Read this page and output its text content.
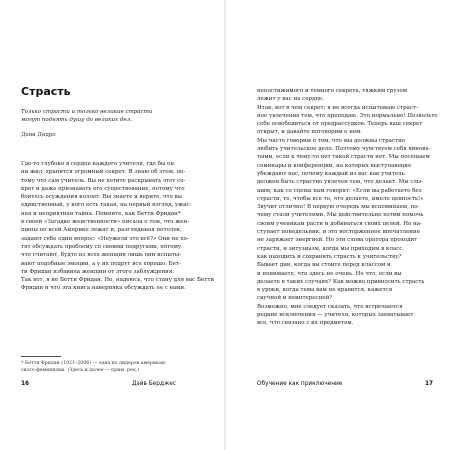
Страсть

Только страсти и только великие страсти
могут поднять душу до великих дел.

Дени Дидро

Где-то глубоко в сердце каждого учителя, где бы он
ни жил, хранится огромный секрет. Я знаю об этом, по-
тому что сам учитель. Вы не хотите раскрывать этот се-
крет и даже признавать его существование, потому что
боитесь осуждения коллег. Вы знаете и верите, что вы
единственный, у кого есть такая, на первый взгляд, ужас-
ная и неприятная тайна. Помните, как Бетти Фридан*
в своей «Загадке женственности» писала о том, что жен-
щины по всей Америке лежат и, разглядывая потолок,
задают себе один вопрос: «Неужели это всё?» Они не хо-
тят обсуждать проблему со своими подругами, потому
что считают, будто из всех женщин лишь они испыты-
вают подобные эмоции, а у их подруг все хорошо. Бет-
ти Фридан избавила женщин от этого заблуждения.
Так вот, я не Бетти Фридан. Но, надеюсь, что стану для вас Бетти
Фридан и что эта книга наверняка обсуждать ее с вами.
* Бетти Фридан (1921–2006) — одна из лидеров американ-
ского феминизма. (Здесь и далее — прим. ред.)
16	Дэйв Берджес
непостижимого и темного секрета, тяжким грузом
лежит у вас на сердце.
Итак, вот в чем секрет: я не всегда испытываю страст-
ное увлечение тем, что преподаю. Это нормально! Позвольте
себе освободиться от предрассудков. Теперь ваш секрет
открыт, и давайте поговорим о нем.
Мы часто говорим о том, что мы должны страстно
любить учительское дело. Поэтому чувствуем себя винова-
тыми, если к чему-то нет такой страсти нет. Мы посещаем
семинары и конференции, на которых выступающие
убеждают нас, почему каждый из вас как учитель
должен быть страстно увлечен тем, что делает. Мы слы-
шим, как со сцены нам говорят: «Если вы работаете без
страсти, то, чтобы все то, что делаете, имело ценность!»
Звучит отлично! В первую очередь мы вспоминаем, по-
чему стали учителями. Мы действительно хотим помочь
своим ученикам расти и добиваться своих целей. Но на-
ступает понедельник, и это восторженное впечатление
не заряжает энергией. Но эти слова оратора проходит
страсти, и энтузиазм, когда мы приходим в класс,
как находить и сохранять страсть к учительству?
Бывает дни, когда вы стоите перед классом и
и понимаете, что здесь не очень. Но что, если вы
делаете в таких случаях? Как можно привносить страсть
в уроки, когда тема вам не нравится, кажется
скучной и неинтересной?
Возможно, мне следует сказать, что встречаются
редкие исключения — учителя, которых захватывает
все, что связано с их предметом.
Обучение как приключение	17
